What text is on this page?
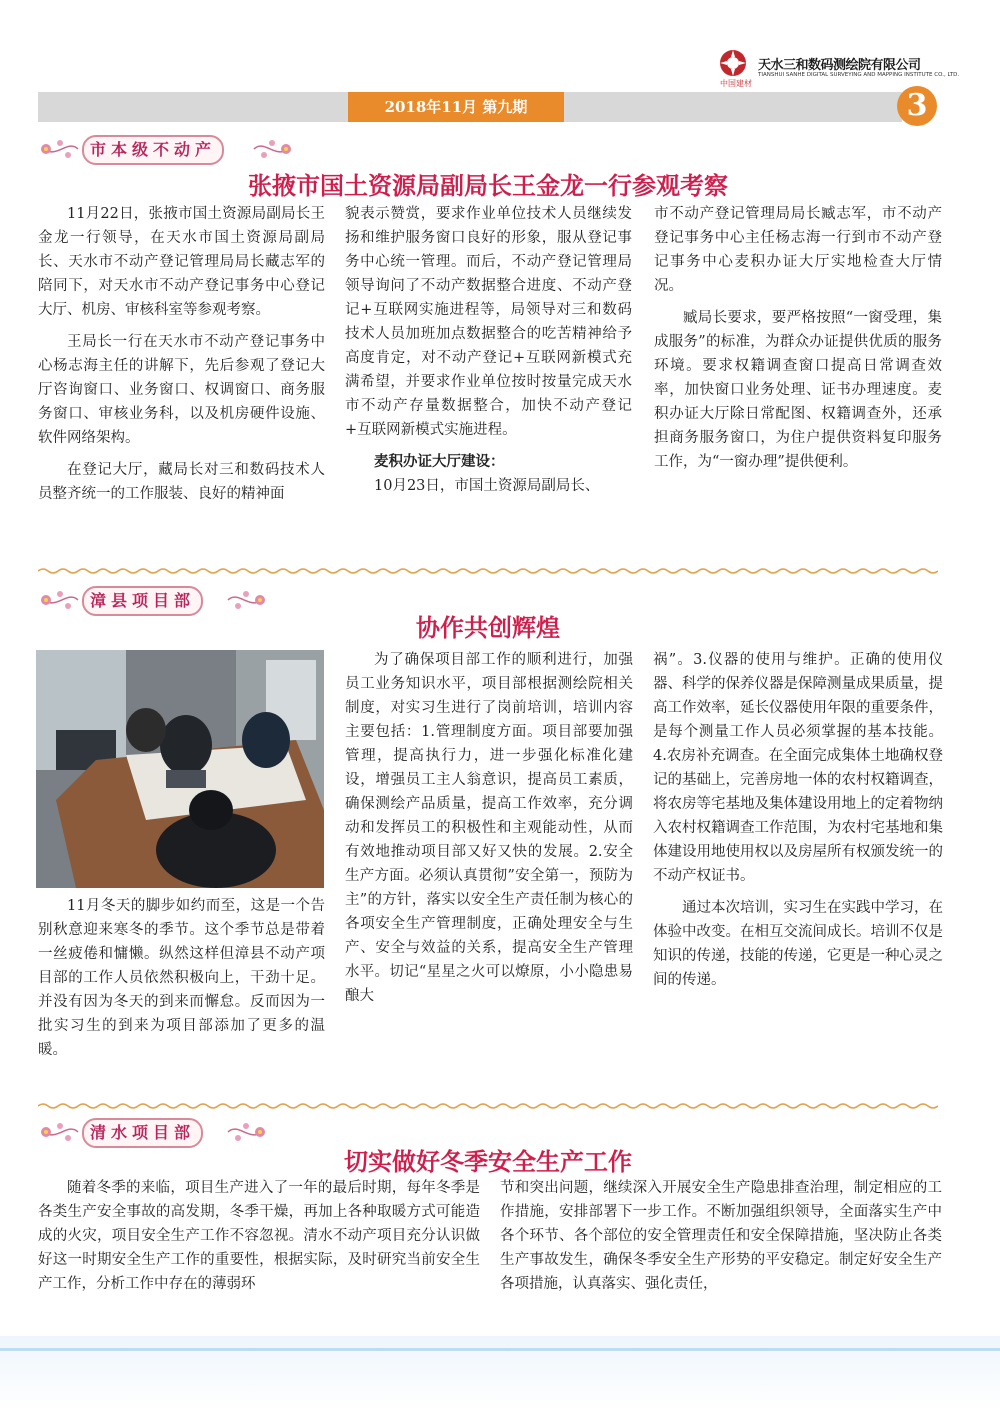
中国建材
天水三和数码测绘院有限公司
TIANSHUI SANHE DIGITAL SURVEYING AND MAPPING INSTITUTE CO., LTD.
2018年11月 第九期	3
市本级不动产
张掖市国土资源局副局长王金龙一行参观考察

11月22日，张掖市国土资源局副局长王金龙一行领导，在天水市国土资源局副局长、天水市不动产登记管理局局长藏志军的陪同下，对天水市不动产登记事务中心登记大厅、机房、审核科室等参观考察。

王局长一行在天水市不动产登记事务中心杨志海主任的讲解下，先后参观了登记大厅咨询窗口、业务窗口、权调窗口、商务服务窗口、审核业务科，以及机房硬件设施、软件网络架构。

在登记大厅，藏局长对三和数码技术人员整齐统一的工作服装、良好的精神面

貌表示赞赏，要求作业单位技术人员继续发扬和维护服务窗口良好的形象，服从登记事务中心统一管理。而后，不动产登记管理局领导询问了不动产数据整合进度、不动产登记+互联网实施进程等，局领导对三和数码技术人员加班加点数据整合的吃苦精神给予高度肯定，对不动产登记+互联网新模式充满希望，并要求作业单位按时按量完成天水市不动产存量数据整合，加快不动产登记+互联网新模式实施进程。

麦积办证大厅建设：

10月23日，市国土资源局副局长、

市不动产登记管理局局长臧志军，市不动产登记事务中心主任杨志海一行到市不动产登记事务中心麦积办证大厅实地检查大厅情况。

臧局长要求，要严格按照“一窗受理，集成服务”的标准，为群众办证提供优质的服务环境。要求权籍调查窗口提高日常调查效率，加快窗口业务处理、证书办理速度。麦积办证大厅除日常配图、权籍调查外，还承担商务服务窗口，为住户提供资料复印服务工作，为“一窗办理”提供便利。

漳县项目部
协作共创辉煌

11月冬天的脚步如约而至，这是一个告别秋意迎来寒冬的季节。这个季节总是带着一丝疲倦和慵懒。纵然这样但漳县不动产项目部的工作人员依然积极向上，干劲十足。并没有因为冬天的到来而懈怠。反而因为一批实习生的到来为项目部添加了更多的温暖。

为了确保项目部工作的顺利进行，加强员工业务知识水平，项目部根据测绘院相关制度，对实习生进行了岗前培训，培训内容主要包括：1.管理制度方面。项目部要加强管理，提高执行力，进一步强化标准化建设，增强员工主人翁意识，提高员工素质，确保测绘产品质量，提高工作效率，充分调动和发挥员工的积极性和主观能动性，从而有效地推动项目部又好又快的发展。2.安全生产方面。必须认真贯彻”安全第一，预防为主”的方针，落实以安全生产责任制为核心的各项安全生产管理制度，正确处理安全与生产、安全与效益的关系，提高安全生产管理水平。切记“星星之火可以燎原，小小隐患易酿大

祸”。3.仪器的使用与维护。正确的使用仪器、科学的保养仪器是保障测量成果质量，提高工作效率，延长仪器使用年限的重要条件，是每个测量工作人员必须掌握的基本技能。 4.农房补充调查。在全面完成集体土地确权登记的基础上，完善房地一体的农村权籍调查，将农房等宅基地及集体建设用地上的定着物纳入农村权籍调查工作范围，为农村宅基地和集体建设用地使用权以及房屋所有权颁发统一的不动产权证书。

通过本次培训，实习生在实践中学习，在体验中改变。在相互交流间成长。培训不仅是知识的传递，技能的传递，它更是一种心灵之间的传递。

清水项目部
切实做好冬季安全生产工作

随着冬季的来临，项目生产进入了一年的最后时期，每年冬季是各类生产安全事故的高发期，冬季干燥，再加上各种取暖方式可能造成的火灾，项目安全生产工作不容忽视。清水不动产项目充分认识做好这一时期安全生产工作的重要性，根据实际，及时研究当前安全生产工作，分析工作中存在的薄弱环

节和突出问题，继续深入开展安全生产隐患排查治理，制定相应的工作措施，安排部署下一步工作。不断加强组织领导，全面落实生产中各个环节、各个部位的安全管理责任和安全保障措施，坚决防止各类生产事故发生，确保冬季安全生产形势的平安稳定。制定好安全生产各项措施，认真落实、强化责任，
